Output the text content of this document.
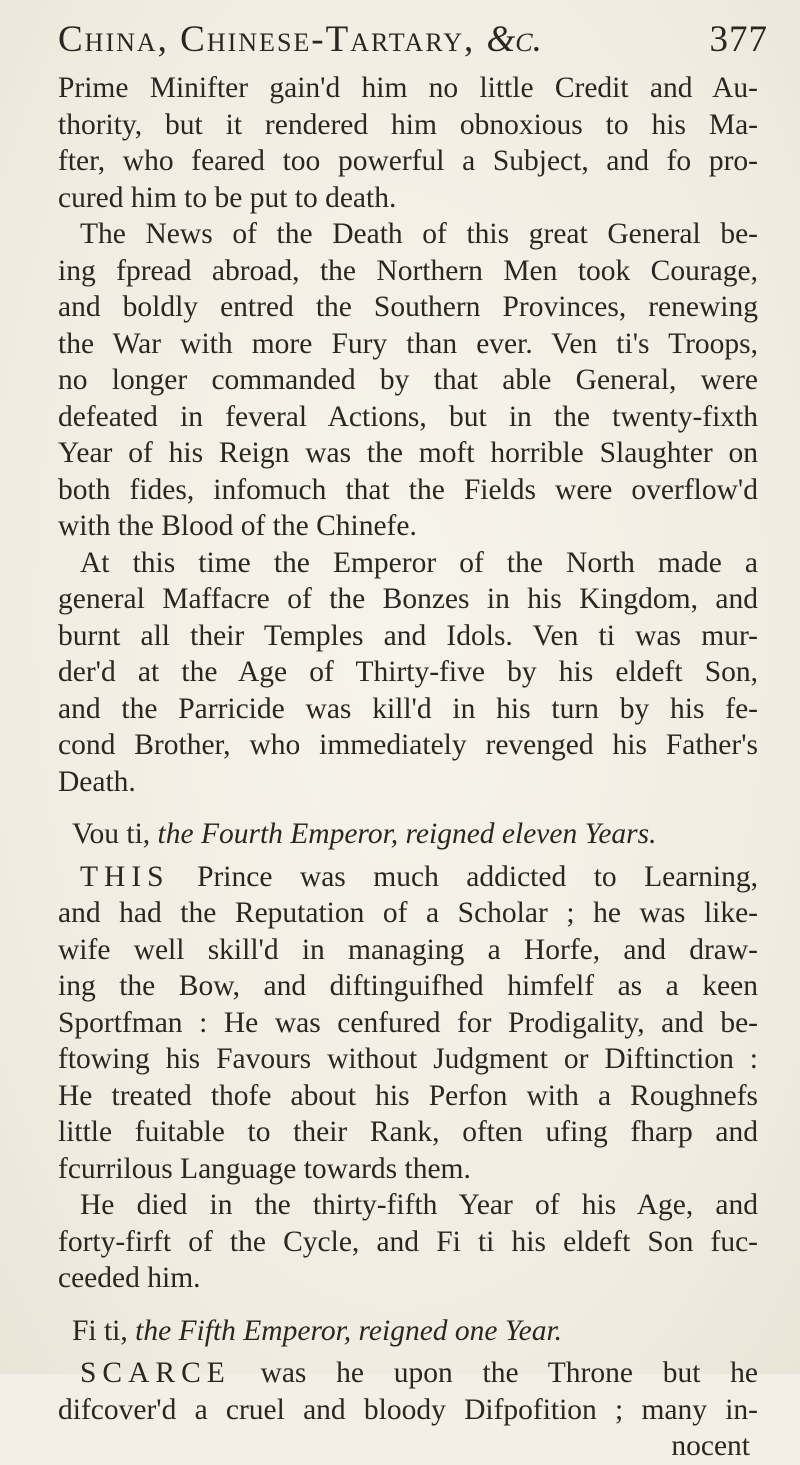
China, Chinese-Tartary, &c.	377

Prime Minifter gain'd him no little Credit and Au-
thority, but it rendered him obnoxious to his Ma-
fter, who feared too powerful a Subject, and fo pro-
cured him to be put to death.

The News of the Death of this great General be-
ing fpread abroad, the Northern Men took Courage,
and boldly entred the Southern Provinces, renewing
the War with more Fury than ever. Ven ti's Troops,
no longer commanded by that able General, were
defeated in feveral Actions, but in the twenty-fixth
Year of his Reign was the moft horrible Slaughter on
both fides, infomuch that the Fields were overflow'd
with the Blood of the Chinefe.

At this time the Emperor of the North made a
general Maffacre of the Bonzes in his Kingdom, and
burnt all their Temples and Idols. Ven ti was mur-
der'd at the Age of Thirty-five by his eldeft Son,
and the Parricide was kill'd in his turn by his fe-
cond Brother, who immediately revenged his Father's
Death.

Vou ti, the Fourth Emperor, reigned eleven Years.

THIS Prince was much addicted to Learning,
and had the Reputation of a Scholar ; he was like-
wife well skill'd in managing a Horfe, and draw-
ing the Bow, and diftinguifhed himfelf as a keen
Sportfman : He was cenfured for Prodigality, and be-
ftowing his Favours without Judgment or Diftinction :
He treated thofe about his Perfon with a Roughnefs
little fuitable to their Rank, often ufing fharp and
fcurrilous Language towards them.

He died in the thirty-fifth Year of his Age, and
forty-firft of the Cycle, and Fi ti his eldeft Son fuc-
ceeded him.

Fi ti, the Fifth Emperor, reigned one Year.

SCARCE was he upon the Throne but he
difcover'd a cruel and bloody Difpofition ; many in-

nocent
